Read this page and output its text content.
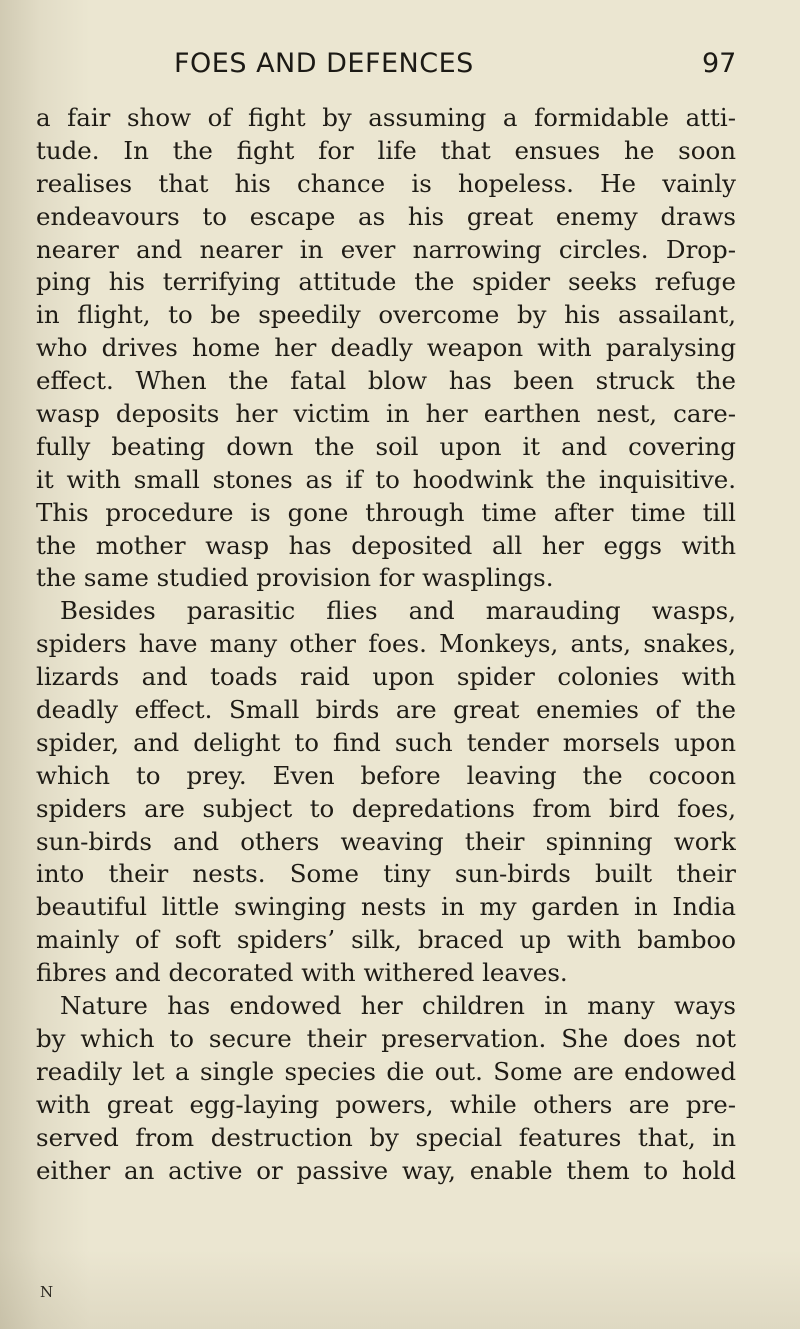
FOES AND DEFENCES	97
a fair show of fight by assuming a formidable atti-
tude. In the fight for life that ensues he soon
realises that his chance is hopeless. He vainly
endeavours to escape as his great enemy draws
nearer and nearer in ever narrowing circles. Drop-
ping his terrifying attitude the spider seeks refuge
in flight, to be speedily overcome by his assailant,
who drives home her deadly weapon with paralysing
effect. When the fatal blow has been struck the
wasp deposits her victim in her earthen nest, care-
fully beating down the soil upon it and covering
it with small stones as if to hoodwink the inquisitive.
This procedure is gone through time after time till
the mother wasp has deposited all her eggs with
the same studied provision for wasplings.
Besides parasitic flies and marauding wasps,
spiders have many other foes. Monkeys, ants, snakes,
lizards and toads raid upon spider colonies with
deadly effect. Small birds are great enemies of the
spider, and delight to find such tender morsels upon
which to prey. Even before leaving the cocoon
spiders are subject to depredations from bird foes,
sun-birds and others weaving their spinning work
into their nests. Some tiny sun-birds built their
beautiful little swinging nests in my garden in India
mainly of soft spiders’ silk, braced up with bamboo
fibres and decorated with withered leaves.
Nature has endowed her children in many ways
by which to secure their preservation. She does not
readily let a single species die out. Some are endowed
with great egg-laying powers, while others are pre-
served from destruction by special features that, in
either an active or passive way, enable them to hold
N
